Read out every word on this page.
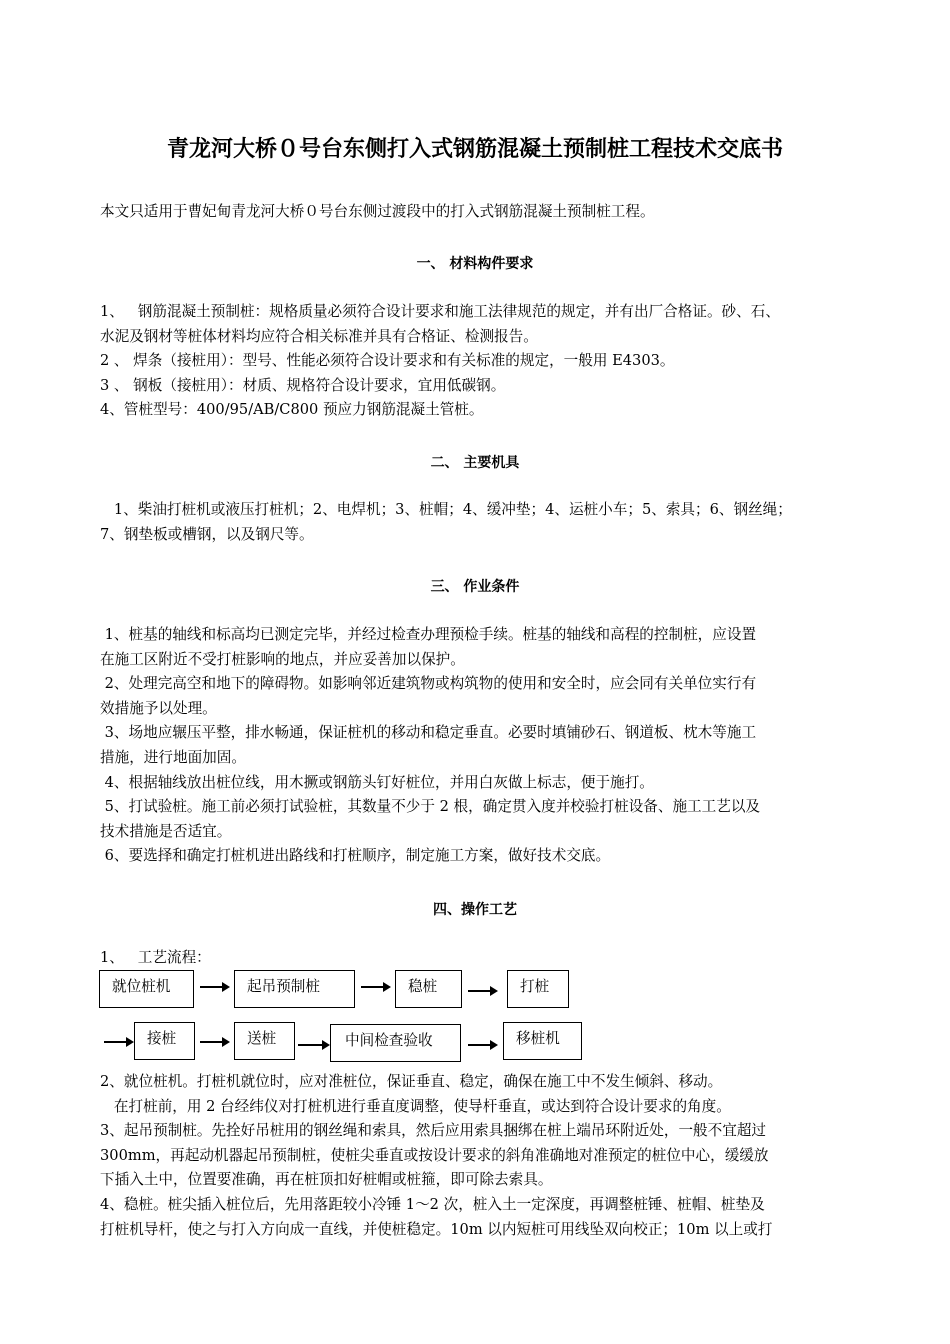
青龙河大桥０号台东侧打入式钢筋混凝土预制桩工程技术交底书
本文只适用于曹妃甸青龙河大桥０号台东侧过渡段中的打入式钢筋混凝土预制桩工程。
一、 材料构件要求
1、   钢筋混凝土预制桩：规格质量必须符合设计要求和施工法律规范的规定，并有出厂合格证。砂、石、
水泥及钢材等桩体材料均应符合相关标准并具有合格证、检测报告。
2 、 焊条（接桩用）：型号、性能必须符合设计要求和有关标准的规定，一般用 E4303。
3 、 钢板（接桩用）：材质、规格符合设计要求，宜用低碳钢。
4、管桩型号：400/95/AB/C800 预应力钢筋混凝土管桩。
二、 主要机具
1、柴油打桩机或液压打桩机；2、电焊机；3、桩帽；4、缓冲垫；4、运桩小车；5、索具；6、钢丝绳；
7、钢垫板或槽钢，以及钢尺等。
三、 作业条件
1、桩基的轴线和标高均已测定完毕，并经过检查办理预检手续。桩基的轴线和高程的控制桩，应设置
在施工区附近不受打桩影响的地点，并应妥善加以保护。
2、处理完高空和地下的障碍物。如影响邻近建筑物或构筑物的使用和安全时，应会同有关单位实行有
效措施予以处理。
3、场地应辗压平整，排水畅通，保证桩机的移动和稳定垂直。必要时填铺砂石、钢道板、枕木等施工
措施，进行地面加固。
4、根据轴线放出桩位线，用木撅或钢筋头钉好桩位，并用白灰做上标志，便于施打。
5、打试验桩。施工前必须打试验桩，其数量不少于 2 根，确定贯入度并校验打桩设备、施工工艺以及
技术措施是否适宜。
6、要选择和确定打桩机进出路线和打桩顺序，制定施工方案，做好技术交底。
四、操作工艺
1、   工艺流程：
就位桩机	起吊预制桩	稳桩	打桩
接桩	送桩	中间检查验收	移桩机
2、就位桩机。打桩机就位时，应对准桩位，保证垂直、稳定，确保在施工中不发生倾斜、移动。
在打桩前，用 2 台经纬仪对打桩机进行垂直度调整，使导杆垂直，或达到符合设计要求的角度。
3、起吊预制桩。先拴好吊桩用的钢丝绳和索具，然后应用索具捆绑在桩上端吊环附近处，一般不宜超过
300mm，再起动机器起吊预制桩，使桩尖垂直或按设计要求的斜角准确地对准预定的桩位中心，缓缓放
下插入土中，位置要准确，再在桩顶扣好桩帽或桩箍，即可除去索具。
4、稳桩。桩尖插入桩位后，先用落距较小冷锤 1～2 次，桩入土一定深度，再调整桩锤、桩帽、桩垫及
打桩机导杆，使之与打入方向成一直线，并使桩稳定。10m 以内短桩可用线坠双向校正；10m 以上或打
